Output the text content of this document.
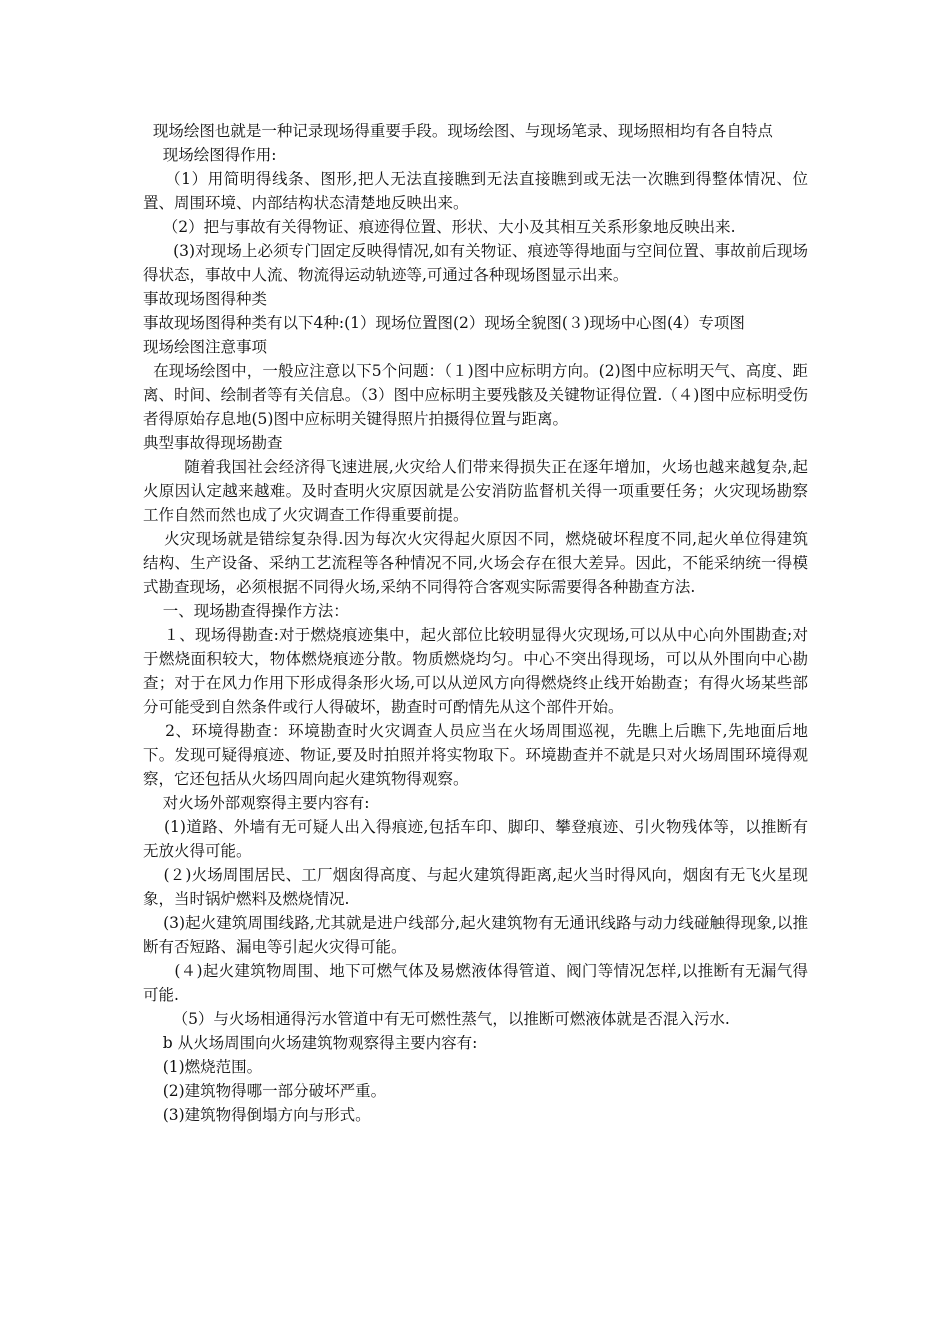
现场绘图也就是一种记录现场得重要手段。现场绘图、与现场笔录、现场照相均有各自特点

现场绘图得作用:

（1）用简明得线条、图形,把人无法直接瞧到无法直接瞧到或无法一次瞧到得整体情况、位置、周围环境、内部结构状态清楚地反映出来。

（2）把与事故有关得物证、痕迹得位置、形状、大小及其相互关系形象地反映出来.

(3)对现场上必须专门固定反映得情况,如有关物证、痕迹等得地面与空间位置、事故前后现场得状态，事故中人流、物流得运动轨迹等,可通过各种现场图显示出来。

事故现场图得种类

事故现场图得种类有以下4种:(1）现场位置图(2）现场全貌图(３)现场中心图(4）专项图

现场绘图注意事项

在现场绘图中，一般应注意以下5个问题：（１)图中应标明方向。(2)图中应标明天气、高度、距离、时间、绘制者等有关信息。（3）图中应标明主要残骸及关键物证得位置.（４)图中应标明受伤者得原始存息地(5)图中应标明关键得照片拍摄得位置与距离。

典型事故得现场勘查

随着我国社会经济得飞速进展,火灾给人们带来得损失正在逐年增加，火场也越来越复杂,起火原因认定越来越难。及时查明火灾原因就是公安消防监督机关得一项重要任务；火灾现场勘察工作自然而然也成了火灾调查工作得重要前提。

火灾现场就是错综复杂得.因为每次火灾得起火原因不同，燃烧破坏程度不同,起火单位得建筑结构、生产设备、采纳工艺流程等各种情况不同,火场会存在很大差异。因此，不能采纳统一得模式勘查现场，必须根据不同得火场,采纳不同得符合客观实际需要得各种勘查方法.

一、现场勘查得操作方法：

１、现场得勘查:对于燃烧痕迹集中，起火部位比较明显得火灾现场,可以从中心向外围勘查;对于燃烧面积较大，物体燃烧痕迹分散。物质燃烧均匀。中心不突出得现场，可以从外围向中心勘查；对于在风力作用下形成得条形火场,可以从逆风方向得燃烧终止线开始勘查；有得火场某些部分可能受到自然条件或行人得破坏，勘查时可酌情先从这个部件开始。

2、环境得勘查：环境勘查时火灾调查人员应当在火场周围巡视，先瞧上后瞧下,先地面后地下。发现可疑得痕迹、物证,要及时拍照并将实物取下。环境勘查并不就是只对火场周围环境得观察，它还包括从火场四周向起火建筑物得观察。

对火场外部观察得主要内容有:

(1)道路、外墙有无可疑人出入得痕迹,包括车印、脚印、攀登痕迹、引火物残体等，以推断有无放火得可能。

(２)火场周围居民、工厂烟囱得高度、与起火建筑得距离,起火当时得风向，烟囱有无飞火星现象，当时锅炉燃料及燃烧情况.

(3)起火建筑周围线路,尤其就是进户线部分,起火建筑物有无通讯线路与动力线碰触得现象,以推断有否短路、漏电等引起火灾得可能。

(４)起火建筑物周围、地下可燃气体及易燃液体得管道、阀门等情况怎样,以推断有无漏气得可能.

（5）与火场相通得污水管道中有无可燃性蒸气，以推断可燃液体就是否混入污水.

b 从火场周围向火场建筑物观察得主要内容有:

(1)燃烧范围。

(2)建筑物得哪一部分破坏严重。

(3)建筑物得倒塌方向与形式。
